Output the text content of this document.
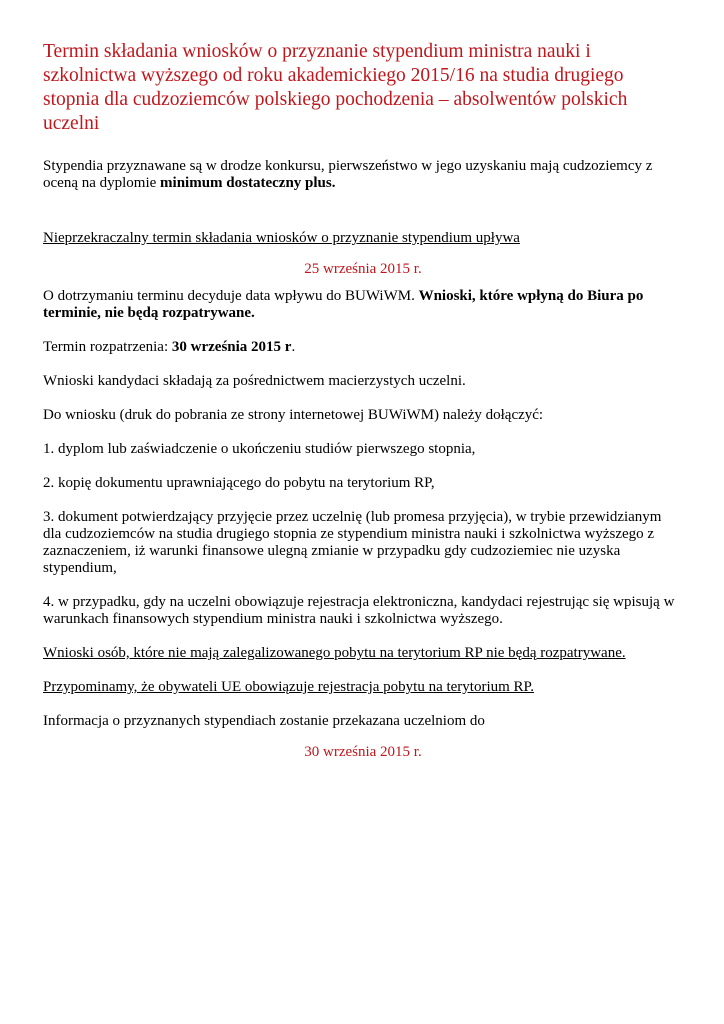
Termin składania wniosków o przyznanie stypendium ministra nauki i szkolnictwa wyższego od roku akademickiego 2015/16 na studia drugiego stopnia dla cudzoziemców polskiego pochodzenia – absolwentów polskich uczelni

Stypendia przyznawane są w drodze konkursu, pierwszeństwo w jego uzyskaniu mają cudzoziemcy z oceną na dyplomie minimum dostateczny plus.

Nieprzekraczalny termin składania wniosków o przyznanie stypendium upływa

25 września 2015 r.

O dotrzymaniu terminu decyduje data wpływu do BUWiWM. Wnioski, które wpłyną do Biura po terminie, nie będą rozpatrywane.

Termin rozpatrzenia: 30 września 2015 r.

Wnioski kandydaci składają za pośrednictwem macierzystych uczelni.

Do wniosku (druk do pobrania ze strony internetowej BUWiWM) należy dołączyć:

1. dyplom lub zaświadczenie o ukończeniu studiów pierwszego stopnia,

2. kopię dokumentu uprawniającego do pobytu na terytorium RP,

3. dokument potwierdzający przyjęcie przez uczelnię (lub promesa przyjęcia), w trybie przewidzianym dla cudzoziemców na studia drugiego stopnia ze stypendium ministra nauki i szkolnictwa wyższego z zaznaczeniem, iż warunki finansowe ulegną zmianie w przypadku gdy cudzoziemiec nie uzyska stypendium,

4. w przypadku, gdy na uczelni obowiązuje rejestracja elektroniczna, kandydaci rejestrując się wpisują w warunkach finansowych stypendium ministra nauki i szkolnictwa wyższego.

Wnioski osób, które nie mają zalegalizowanego pobytu na terytorium RP nie będą rozpatrywane.

Przypominamy, że obywateli UE obowiązuje rejestracja pobytu na terytorium RP.

Informacja o przyznanych stypendiach zostanie przekazana uczelniom do

30 września 2015 r.
